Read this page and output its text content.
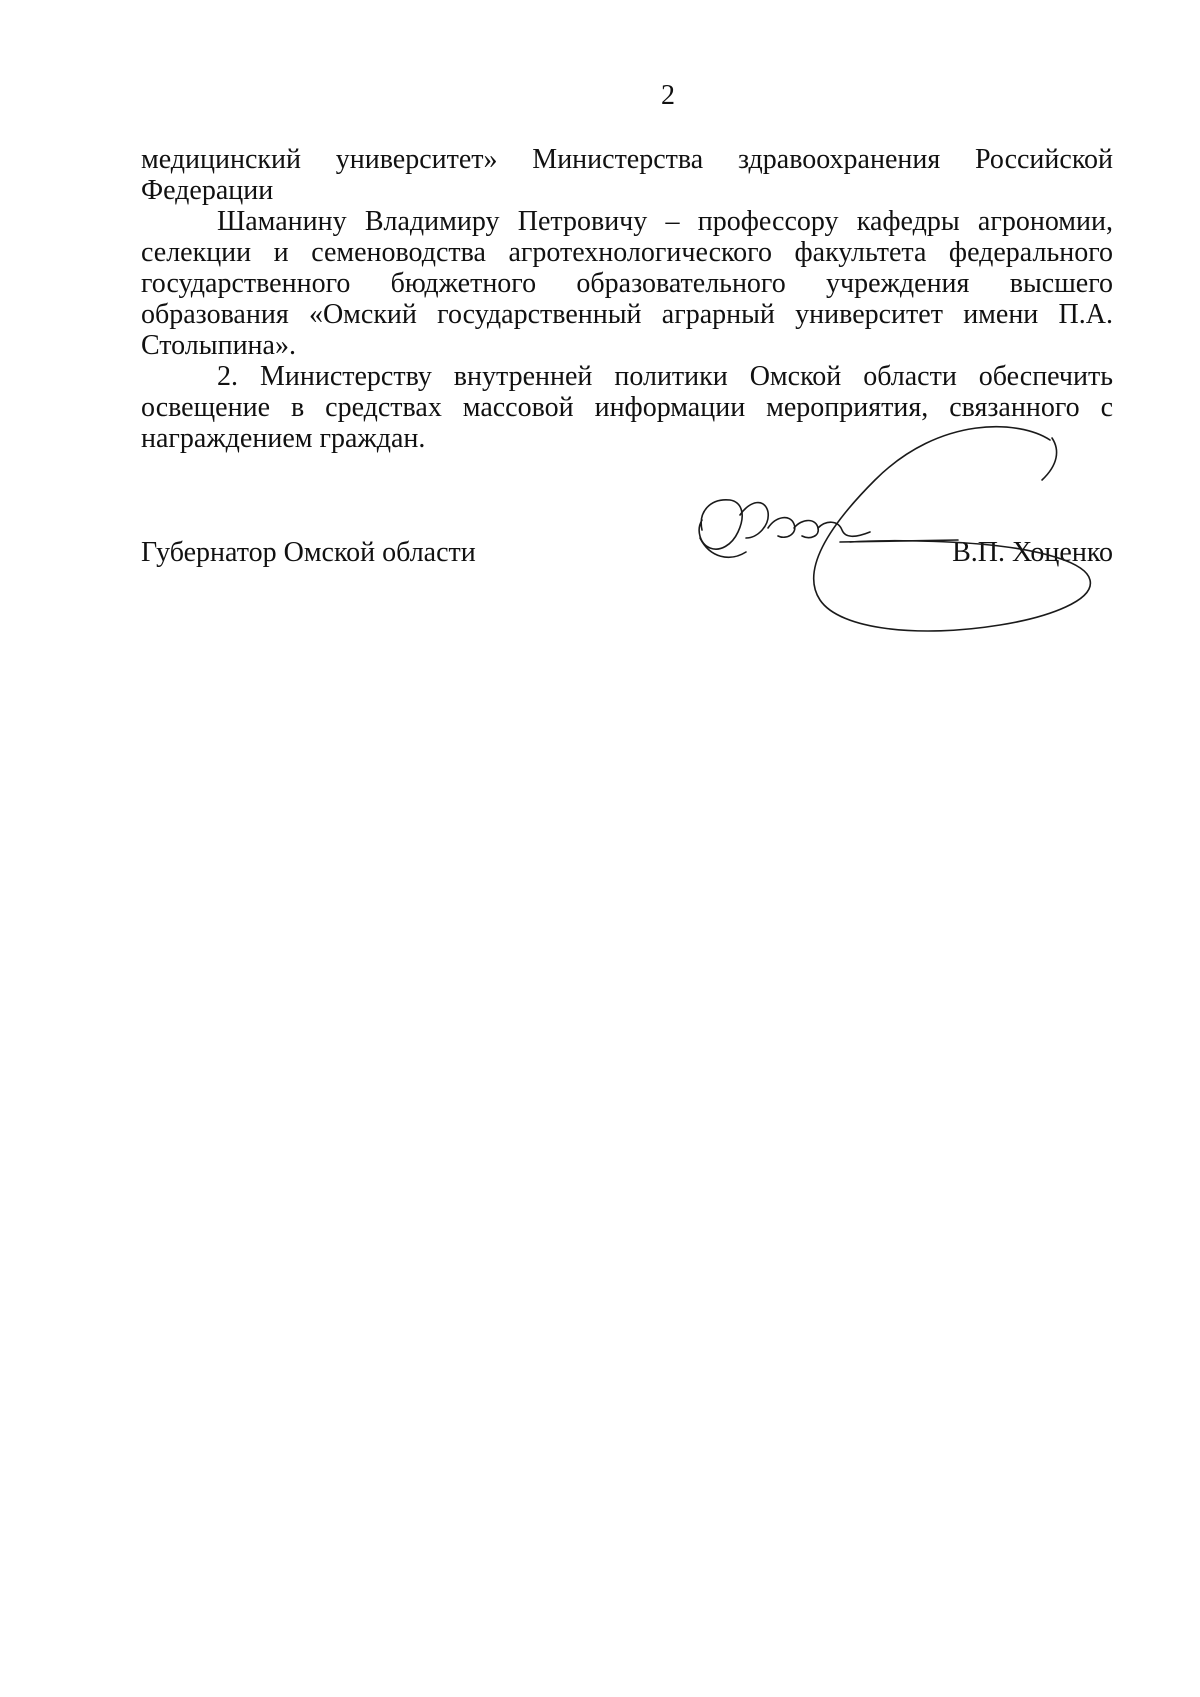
2

медицинский университет» Министерства здравоохранения Российской Федерации

Шаманину Владимиру Петровичу – профессору кафедры агрономии, селекции и семеноводства агротехнологического факультета федерального государственного бюджетного образовательного учреждения высшего образования «Омский государственный аграрный университет имени П.А. Столыпина».

2. Министерству внутренней политики Омской области обеспечить освещение в средствах массовой информации мероприятия, связанного с награждением граждан.

Губернатор Омской области	В.П. Хоценко
